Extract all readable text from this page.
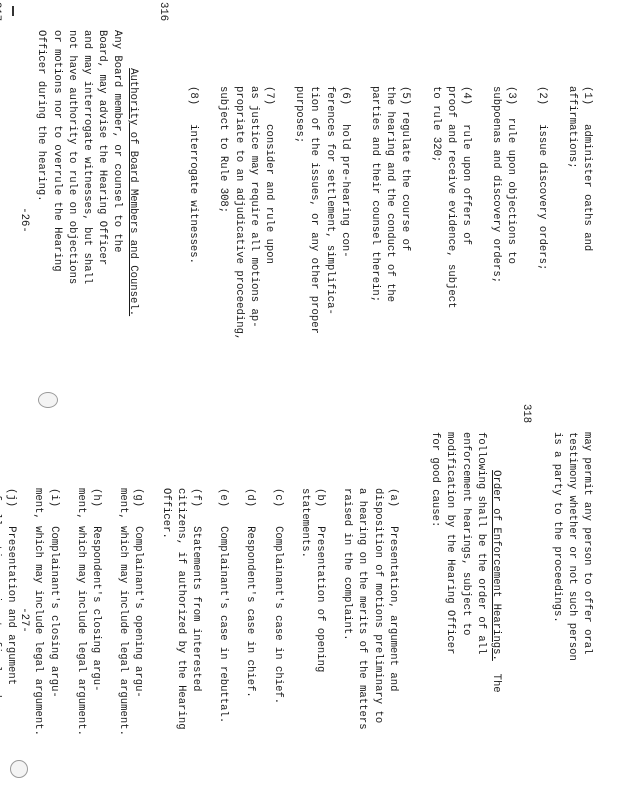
(1)   administer oaths and
affirmations;

(2)   issue discovery orders;

(3)  rule upon objections to
subpoenas and discovery orders;

(4)   rule upon offers of
proof and receive evidence, subject
to rule 320;

(5) regulate the course of
the hearing and the conduct of the
parties and their counsel therein;

(6)   hold pre-hearing con-
ferences for settlement, simplifica-
tion of the issues, or any other proper
purposes;

(7)   consider and rule upon
as justice may require all motions ap-
propriate to an adjudicative proceeding,
subject to Rule 308;

(8)   interrogate witnesses.

316

Authority of Board Members and Counsel.
Any Board member, or counsel to the
Board, may advise the Hearing Officer
and may interrogate witnesses, but shall
not have authority to rule on objections
or motions nor to overrule the Hearing
Officer during the hearing.

-26-

may permit any person to offer oral
testimony whether or not such person
is a party to the proceedings.

318

Order of Enforcement Hearings.  The
following shall be the order of all
enforcement hearings, subject to
modification by the Hearing Officer
for good cause:

(a)   Presentation, argument and
disposition of motions preliminary to
a hearing on the merits of the matters
raised in the complaint.

(b)   Presentation of opening
statements.

(c)   Complainant's case in chief.

(d)   Respondent's case in chief.

(e)   Complainant's case in rebuttal.

(f)   Statements from interested
citizens, if authorized by the Hearing
Officer.

(g)   Complainant's opening argu-
ment, which may include legal argument.

(h)   Respondent's closing argu-
ment, which may include legal argument.

(i)   Complainant's closing argu-
ment, which may include legal argument.

(j)   Presentation and argument

-27-
